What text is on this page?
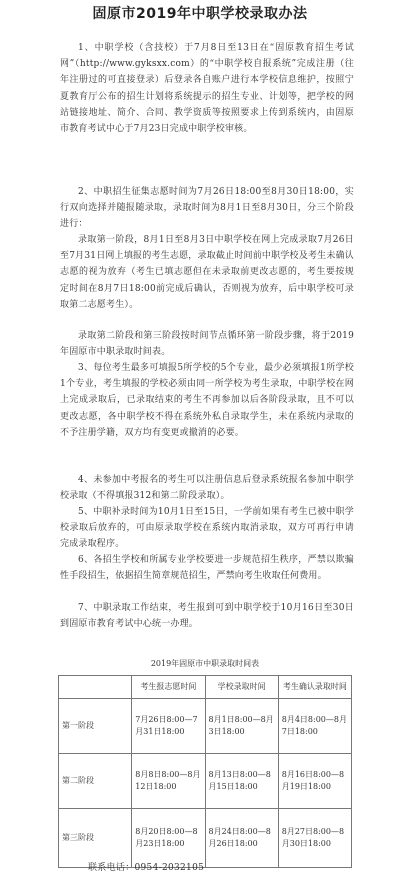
固原市2019年中职学校录取办法

1、中职学校（含技校）于7月8日至13日在“固原教育招生考试网”（http://www.gyksxx.com）的“中职学校自报系统”完成注册（往年注册过的可直接登录）后登录各自账户进行本学校信息维护，按照宁夏教育厅公布的招生计划将系统提示的招生专业、计划等，把学校的网站链接地址、简介、合同、教学资质等按照要求上传到系统内，由固原市教育考试中心于7月23日完成中职学校审核。

2、中职招生征集志愿时间为7月26日18:00至8月30日18:00，实行双向选择并随报随录取，录取时间为8月1日至8月30日，分三个阶段进行：

录取第一阶段，8月1日至8月3日中职学校在网上完成录取7月26日至7月31日网上填报的考生志愿，录取截止时间前中职学校及考生未确认志愿的视为放弃（考生已填志愿但在未录取前更改志愿的，考生要按规定时间在8月7日18:00前完成后确认，否则视为放弃，后中职学校可录取第二志愿考生）。

录取第二阶段和第三阶段按时间节点循环第一阶段步骤，将于2019年固原市中职录取时间表。

3、每位考生最多可填报5所学校的5个专业，最少必须填报1所学校1个专业，考生填报的学校必须由同一所学校为考生录取，中职学校在网上完成录取后，已录取结束的考生不再参加以后各阶段录取，且不可以更改志愿，各中职学校不得在系统外私自录取学生，未在系统内录取的不予注册学籍，双方均有变更或撤消的必要。

4、未参加中考报名的考生可以注册信息后登录系统报名参加中职学校录取（不得填报312和第二阶段录取）。

5、中职补录时间为10月1日至15日，一学前如果有考生已被中职学校录取后放弃的，可由原录取学校在系统内取消录取，双方可再行申请完成录取程序。

6、各招生学校和所属专业学校要进一步规范招生秩序，严禁以欺骗性手段招生，依据招生简章规范招生，严禁向考生收取任何费用。

7、中职录取工作结束，考生报到可到中职学校于10月16日至30日到固原市教育考试中心统一办理。

2019年固原市中职录取时间表
	考生报志愿时间	学校录取时间	考生确认录取时间
第一阶段	7月26日8:00—7月31日18:00	8月1日8:00—8月3日18:00	8月4日8:00—8月7日18:00
第二阶段	8月8日8:00—8月12日18:00	8月13日8:00—8月15日18:00	8月16日8:00—8月19日18:00
第三阶段	8月20日8:00—8月23日18:00	8月24日8:00—8月26日18:00	8月27日8:00—8月30日18:00
联系电话：0954-2032105
